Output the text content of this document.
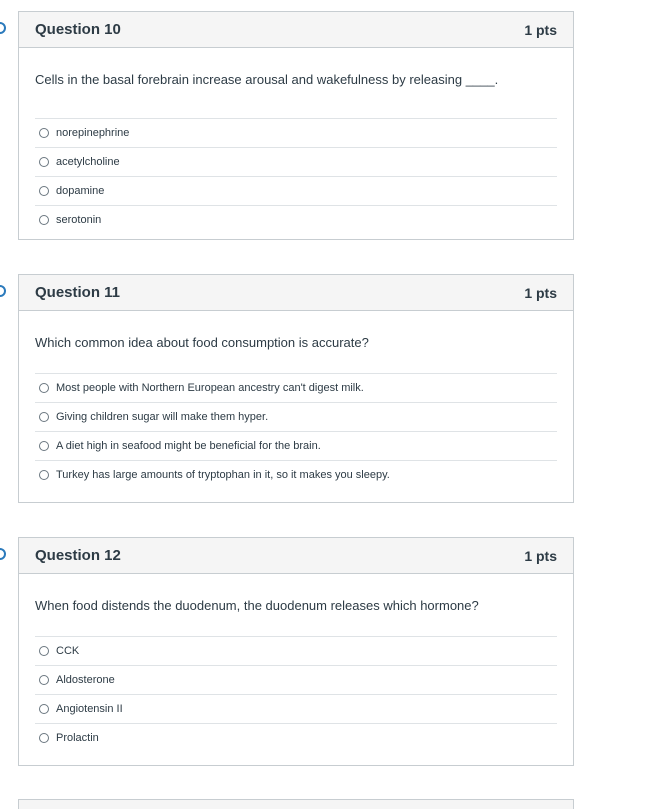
Question 10	1 pts
Cells in the basal forebrain increase arousal and wakefulness by releasing ____.
norepinephrine
acetylcholine
dopamine
serotonin
Question 11	1 pts
Which common idea about food consumption is accurate?
Most people with Northern European ancestry can't digest milk.
Giving children sugar will make them hyper.
A diet high in seafood might be beneficial for the brain.
Turkey has large amounts of tryptophan in it, so it makes you sleepy.
Question 12	1 pts
When food distends the duodenum, the duodenum releases which hormone?
CCK
Aldosterone
Angiotensin II
Prolactin
